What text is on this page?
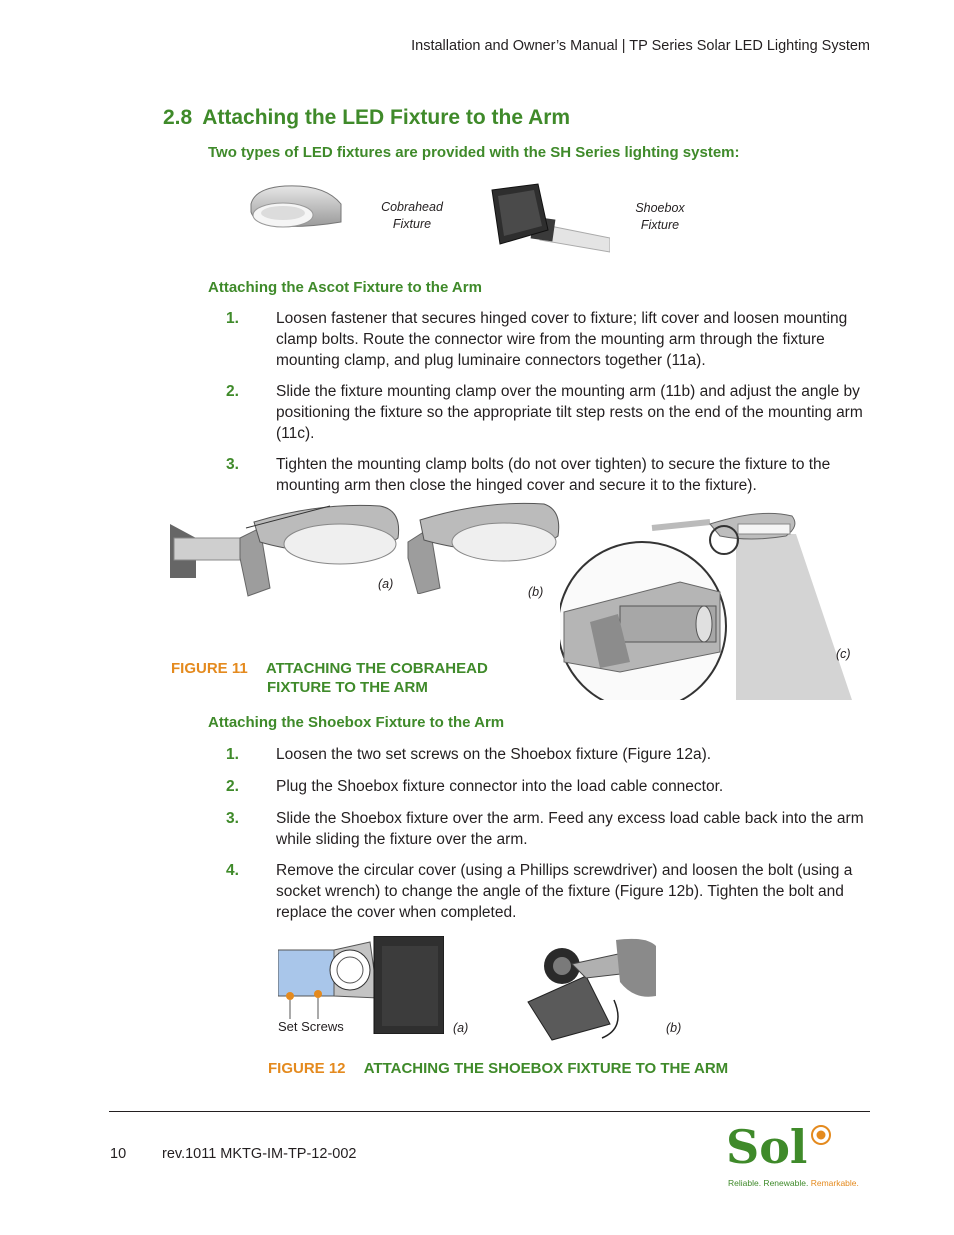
Installation and Owner’s Manual | TP Series Solar LED Lighting System
2.8 Attaching the LED Fixture to the Arm
Two types of LED fixtures are provided with the SH Series lighting system:
Cobrahead
Fixture
Shoebox
Fixture
Attaching the Ascot Fixture to the Arm
1. Loosen fastener that secures hinged cover to fixture; lift cover and loosen mounting clamp bolts. Route the connector wire from the mounting arm through the fixture mounting clamp, and plug luminaire connectors together (11a).
2. Slide the fixture mounting clamp over the mounting arm (11b) and adjust the angle by positioning the fixture so the appropriate tilt step rests on the end of the mounting arm (11c).
3. Tighten the mounting clamp bolts (do not over tighten) to secure the fixture to the mounting arm then close the hinged cover and secure it to the fixture).
(a)
(b)
(c)
FIGURE 11 ATTACHING THE COBRAHEAD
FIXTURE TO THE ARM
Attaching the Shoebox Fixture to the Arm
1. Loosen the two set screws on the Shoebox fixture (Figure 12a).
2. Plug the Shoebox fixture connector into the load cable connector.
3. Slide the Shoebox fixture over the arm. Feed any excess load cable back into the arm while sliding the fixture over the arm.
4. Remove the circular cover (using a Phillips screwdriver) and loosen the bolt (using a socket wrench) to change the angle of the fixture (Figure 12b). Tighten the bolt and replace the cover when completed.
Set Screws	(a)	(b)
FIGURE 12 ATTACHING THE SHOEBOX FIXTURE TO THE ARM
10 rev.1011 MKTG-IM-TP-12-002	Sol
Reliable. Renewable. Remarkable.
